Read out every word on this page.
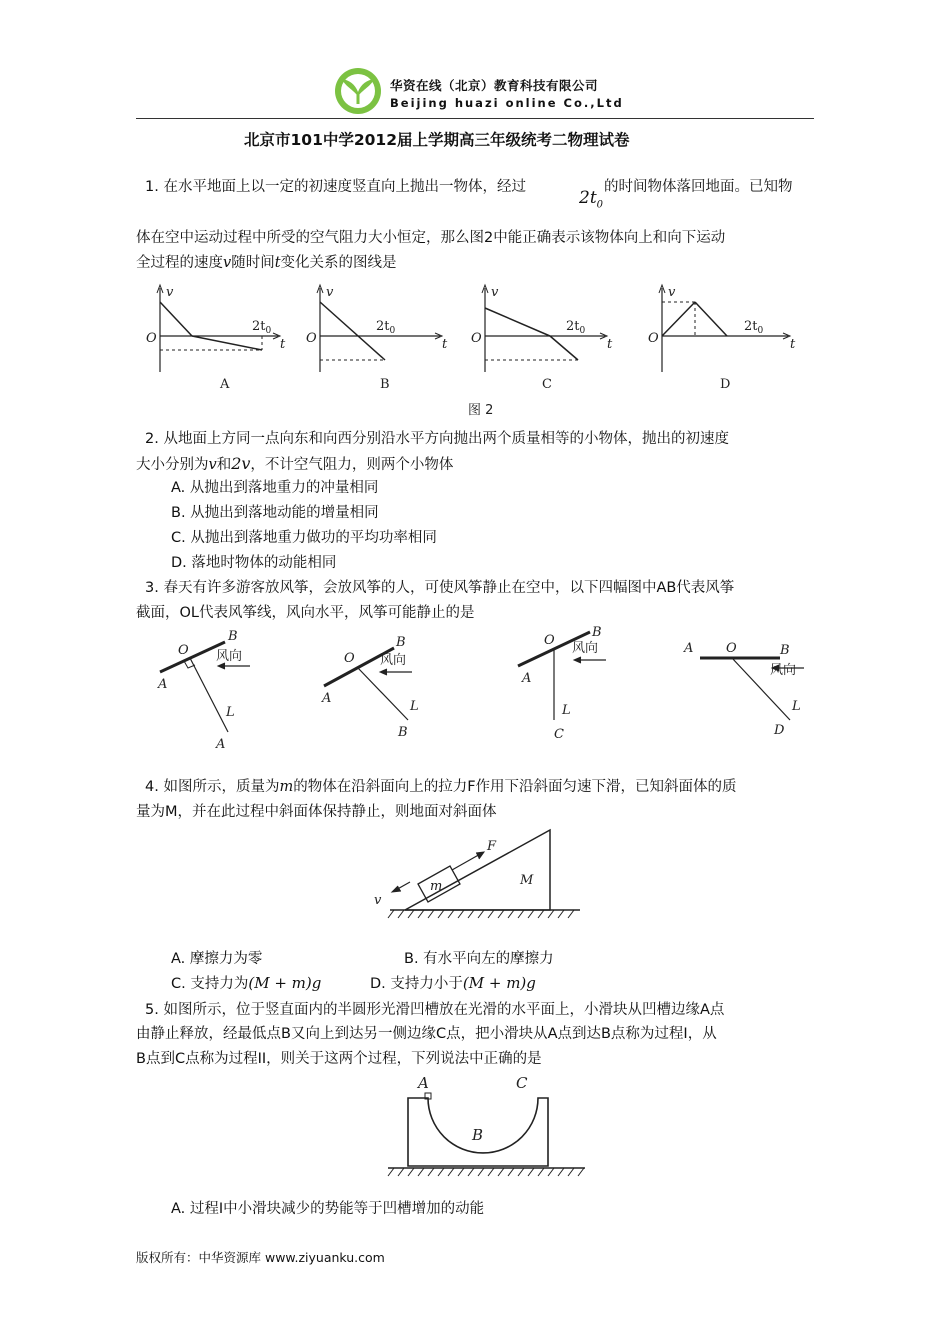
华资在线（北京）教育科技有限公司
Beijing huazi online Co.,Ltd
北京市101中学2012届上学期高三年级统考二物理试卷
1. 在水平地面上以一定的初速度竖直向上抛出一物体，经过
$2t_0$
的时间物体落回地面。已知物
体在空中运动过程中所受的空气阻力大小恒定，那么图2中能正确表示该物体向上和向下运动
全过程的速度v随时间t变化关系的图线是
v
O
$2t_0$
t
A
v
O
$2t_0$
t
B
v
O
$2t_0$
t
C
v
O
$2t_0$
t
D
图 2
2. 从地面上方同一点向东和向西分别沿水平方向抛出两个质量相等的小物体，抛出的初速度
大小分别为v和2v，不计空气阻力，则两个小物体
A. 从抛出到落地重力的冲量相同
B. 从抛出到落地动能的增量相同
C. 从抛出到落地重力做功的平均功率相同
D. 落地时物体的动能相同
3. 春天有许多游客放风筝，会放风筝的人，可使风筝静止在空中，以下四幅图中AB代表风筝
截面，OL代表风筝线，风向水平，风筝可能静止的是
O
B
风向
A
L
A
O
B
风向
A
L
B
O
B
风向
A
L
C
A	O	B
风向
L
D
4. 如图所示，质量为m的物体在沿斜面向上的拉力F作用下沿斜面匀速下滑，已知斜面体的质
量为M，并在此过程中斜面体保持静止，则地面对斜面体
F
m	M
v
A. 摩擦力为零	B. 有水平向左的摩擦力
C. 支持力为(M + m)g	D. 支持力小于(M + m)g
5. 如图所示，位于竖直面内的半圆形光滑凹槽放在光滑的水平面上，小滑块从凹槽边缘A点
由静止释放，经最低点B又向上到达另一侧边缘C点，把小滑块从A点到达B点称为过程I，从
B点到C点称为过程II，则关于这两个过程，下列说法中正确的是
A	C
B
A. 过程I中小滑块减少的势能等于凹槽增加的动能
版权所有：中华资源库 www.ziyuanku.com
